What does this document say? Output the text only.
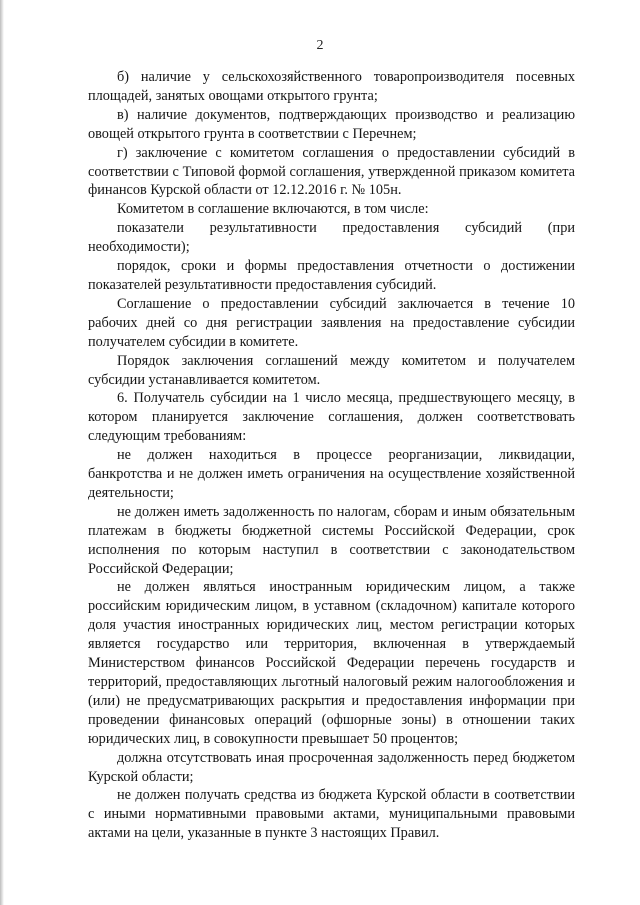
2

б) наличие у сельскохозяйственного товаропроизводителя посевных площадей, занятых овощами открытого грунта;

в) наличие документов, подтверждающих производство и реализацию овощей открытого грунта в соответствии с Перечнем;

г) заключение с комитетом соглашения о предоставлении субсидий в соответствии с Типовой формой соглашения, утвержденной приказом комитета финансов Курской области от 12.12.2016 г. № 105н.

Комитетом в соглашение включаются, в том числе:

показатели результативности предоставления субсидий (при необходимости);

порядок, сроки и формы предоставления отчетности о достижении показателей результативности предоставления субсидий.

Соглашение о предоставлении субсидий заключается в течение 10 рабочих дней со дня регистрации заявления на предоставление субсидии получателем субсидии в комитете.

Порядок заключения соглашений между комитетом и получателем субсидии устанавливается комитетом.

6. Получатель субсидии на 1 число месяца, предшествующего месяцу, в котором планируется заключение соглашения, должен соответствовать следующим требованиям:

не должен находиться в процессе реорганизации, ликвидации, банкротства и не должен иметь ограничения на осуществление хозяйственной деятельности;

не должен иметь задолженность по налогам, сборам и иным обязательным платежам в бюджеты бюджетной системы Российской Федерации, срок исполнения по которым наступил в соответствии с законодательством Российской Федерации;

не должен являться иностранным юридическим лицом, а также российским юридическим лицом, в уставном (складочном) капитале которого доля участия иностранных юридических лиц, местом регистрации которых является государство или территория, включенная в утверждаемый Министерством финансов Российской Федерации перечень государств и территорий, предоставляющих льготный налоговый режим налогообложения и (или) не предусматривающих раскрытия и предоставления информации при проведении финансовых операций (офшорные зоны) в отношении таких юридических лиц, в совокупности превышает 50 процентов;

должна отсутствовать иная просроченная задолженность перед бюджетом Курской области;

не должен получать средства из бюджета Курской области в соответствии с иными нормативными правовыми актами, муниципальными правовыми актами на цели, указанные в пункте 3 настоящих Правил.
